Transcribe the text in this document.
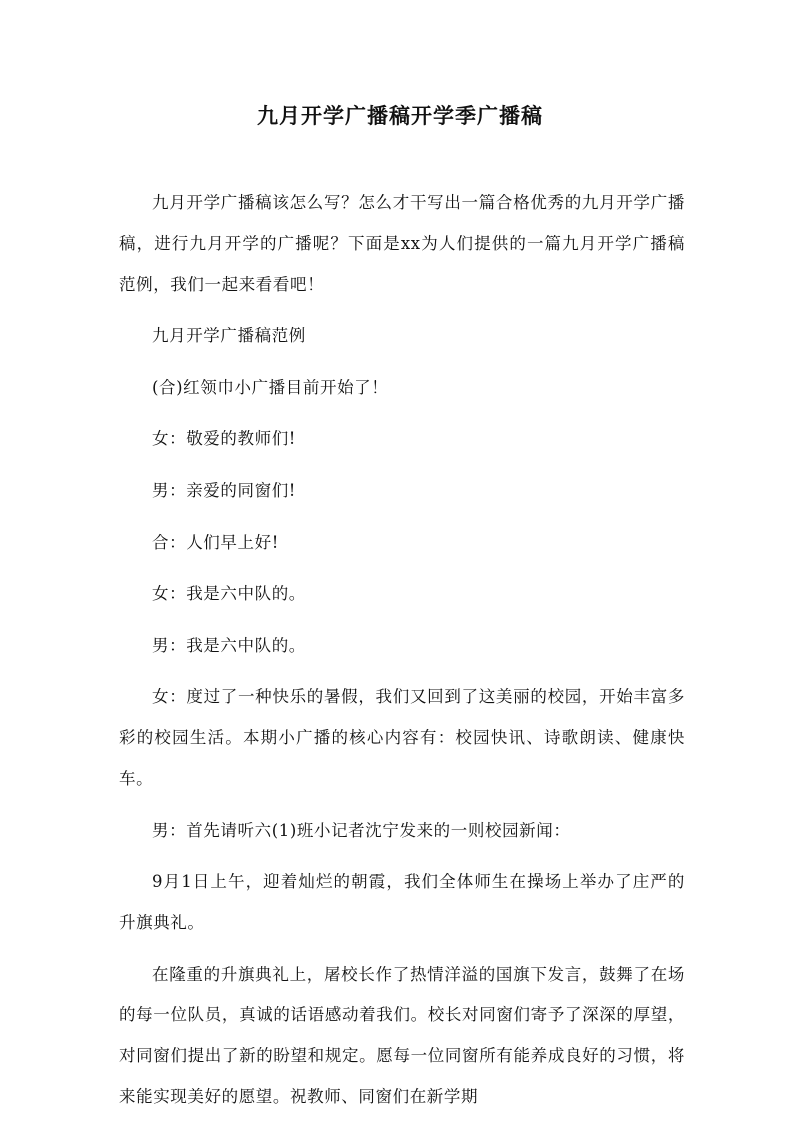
九月开学广播稿开学季广播稿

九月开学广播稿该怎么写？怎么才干写出一篇合格优秀的九月开学广播稿，进行九月开学的广播呢？下面是xx为人们提供的一篇九月开学广播稿范例，我们一起来看看吧！

九月开学广播稿范例

(合)红领巾小广播目前开始了！

女：敬爱的教师们!

男：亲爱的同窗们!

合：人们早上好!

女：我是六中队的。

男：我是六中队的。

女：度过了一种快乐的暑假，我们又回到了这美丽的校园，开始丰富多彩的校园生活。本期小广播的核心内容有：校园快讯、诗歌朗读、健康快车。

男：首先请听六(1)班小记者沈宁发来的一则校园新闻：

9月1日上午，迎着灿烂的朝霞，我们全体师生在操场上举办了庄严的升旗典礼。

在隆重的升旗典礼上，屠校长作了热情洋溢的国旗下发言，鼓舞了在场的每一位队员，真诚的话语感动着我们。校长对同窗们寄予了深深的厚望，对同窗们提出了新的盼望和规定。愿每一位同窗所有能养成良好的习惯，将来能实现美好的愿望。祝教师、同窗们在新学期
